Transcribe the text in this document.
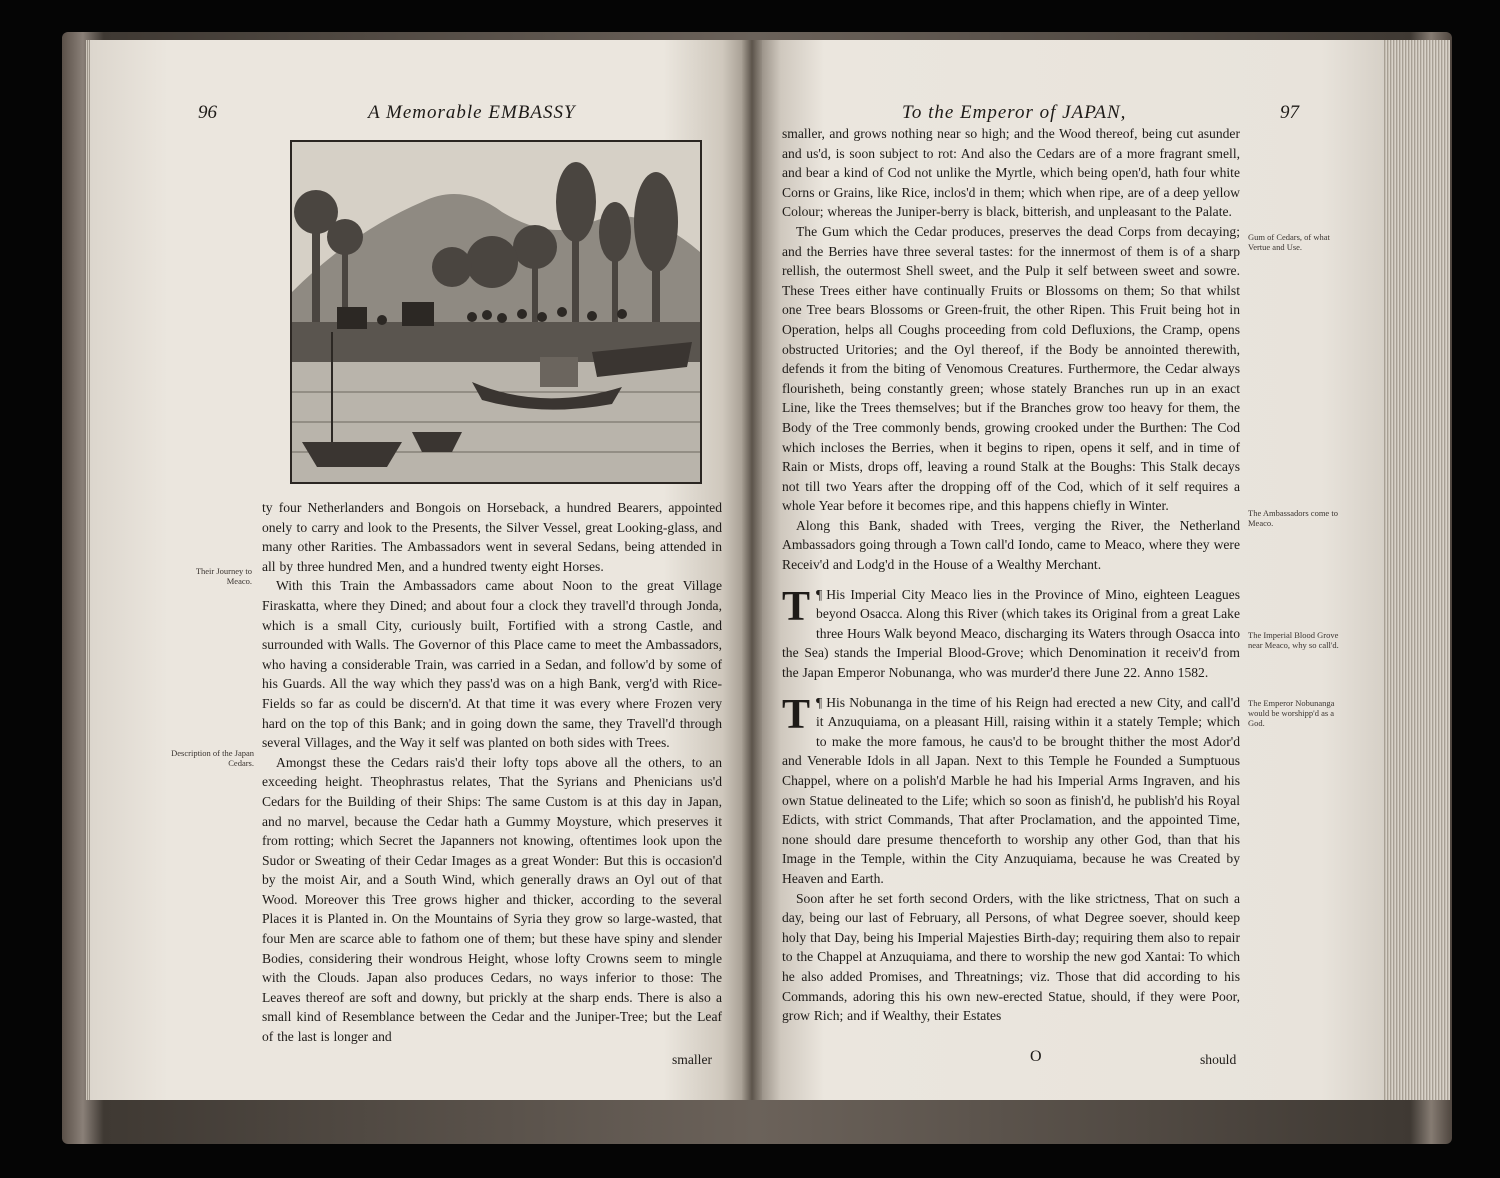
96	A Memorable EMBASSY
Their Journey to Meaco.
Description of the Japan Cedars.

ty four Netherlanders and Bongois on Horseback, a hundred Bearers, appointed onely to carry and look to the Presents, the Silver Vessel, great Looking-glass, and many other Rarities. The Ambassadors went in several Sedans, being attended in all by three hundred Men, and a hundred twenty eight Horses.

With this Train the Ambassadors came about Noon to the great Village Firaskatta, where they Dined; and about four a clock they travell'd through Jonda, which is a small City, curiously built, Fortified with a strong Castle, and surrounded with Walls. The Governor of this Place came to meet the Ambassadors, who having a considerable Train, was carried in a Sedan, and follow'd by some of his Guards. All the way which they pass'd was on a high Bank, verg'd with Rice-Fields so far as could be discern'd. At that time it was every where Frozen very hard on the top of this Bank; and in going down the same, they Travell'd through several Villages, and the Way it self was planted on both sides with Trees.

Amongst these the Cedars rais'd their lofty tops above all the others, to an exceeding height. Theophrastus relates, That the Syrians and Phenicians us'd Cedars for the Building of their Ships: The same Custom is at this day in Japan, and no marvel, because the Cedar hath a Gummy Moysture, which preserves it from rotting; which Secret the Japanners not knowing, oftentimes look upon the Sudor or Sweating of their Cedar Images as a great Wonder: But this is occasion'd by the moist Air, and a South Wind, which generally draws an Oyl out of that Wood. Moreover this Tree grows higher and thicker, according to the several Places it is Planted in. On the Mountains of Syria they grow so large-wasted, that four Men are scarce able to fathom one of them; but these have spiny and slender Bodies, considering their wondrous Height, whose lofty Crowns seem to mingle with the Clouds. Japan also produces Cedars, no ways inferior to those: The Leaves thereof are soft and downy, but prickly at the sharp ends. There is also a small kind of Resemblance between the Cedar and the Juniper-Tree; but the Leaf of the last is longer and

smaller
To the Emperor of JAPAN,	97
Gum of Cedars, of what Vertue and Use.
The Ambassadors come to Meaco.
The Imperial Blood Grove near Meaco, why so call'd.
The Emperor Nobunanga would be worshipp'd as a God.

smaller, and grows nothing near so high; and the Wood thereof, being cut asunder and us'd, is soon subject to rot: And also the Cedars are of a more fragrant smell, and bear a kind of Cod not unlike the Myrtle, which being open'd, hath four white Corns or Grains, like Rice, inclos'd in them; which when ripe, are of a deep yellow Colour; whereas the Juniper-berry is black, bitterish, and unpleasant to the Palate.

The Gum which the Cedar produces, preserves the dead Corps from decaying; and the Berries have three several tastes: for the innermost of them is of a sharp rellish, the outermost Shell sweet, and the Pulp it self between sweet and sowre. These Trees either have continually Fruits or Blossoms on them; So that whilst one Tree bears Blossoms or Green-fruit, the other Ripen. This Fruit being hot in Operation, helps all Coughs proceeding from cold Defluxions, the Cramp, opens obstructed Uritories; and the Oyl thereof, if the Body be annointed therewith, defends it from the biting of Venomous Creatures. Furthermore, the Cedar always flourisheth, being constantly green; whose stately Branches run up in an exact Line, like the Trees themselves; but if the Branches grow too heavy for them, the Body of the Tree commonly bends, growing crooked under the Burthen: The Cod which incloses the Berries, when it begins to ripen, opens it self, and in time of Rain or Mists, drops off, leaving a round Stalk at the Boughs: This Stalk decays not till two Years after the dropping off of the Cod, which of it self requires a whole Year before it becomes ripe, and this happens chiefly in Winter.

Along this Bank, shaded with Trees, verging the River, the Netherland Ambassadors going through a Town call'd Iondo, came to Meaco, where they were Receiv'd and Lodg'd in the House of a Wealthy Merchant.

¶
T His Imperial City Meaco lies in the Province of Mino, eighteen Leagues beyond Osacca. Along this River (which takes its Original from a great Lake three Hours Walk beyond Meaco, discharging its Waters through Osacca into the Sea) stands the Imperial Blood-Grove; which Denomination it receiv'd from the Japan Emperor Nobunanga, who was murder'd there June 22. Anno 1582.

¶
T His Nobunanga in the time of his Reign had erected a new City, and call'd it Anzuquiama, on a pleasant Hill, raising within it a stately Temple; which to make the more famous, he caus'd to be brought thither the most Ador'd and Venerable Idols in all Japan. Next to this Temple he Founded a Sumptuous Chappel, where on a polish'd Marble he had his Imperial Arms Ingraven, and his own Statue delineated to the Life; which so soon as finish'd, he publish'd his Royal Edicts, with strict Commands, That after Proclamation, and the appointed Time, none should dare presume thenceforth to worship any other God, than that his Image in the Temple, within the City Anzuquiama, because he was Created by Heaven and Earth.

Soon after he set forth second Orders, with the like strictness, That on such a day, being our last of February, all Persons, of what Degree soever, should keep holy that Day, being his Imperial Majesties Birth-day; requiring them also to repair to the Chappel at Anzuquiama, and there to worship the new god Xantai: To which he also added Promises, and Threatnings; viz. Those that did according to his Commands, adoring this his own new-erected Statue, should, if they were Poor, grow Rich; and if Wealthy, their Estates

O	should
